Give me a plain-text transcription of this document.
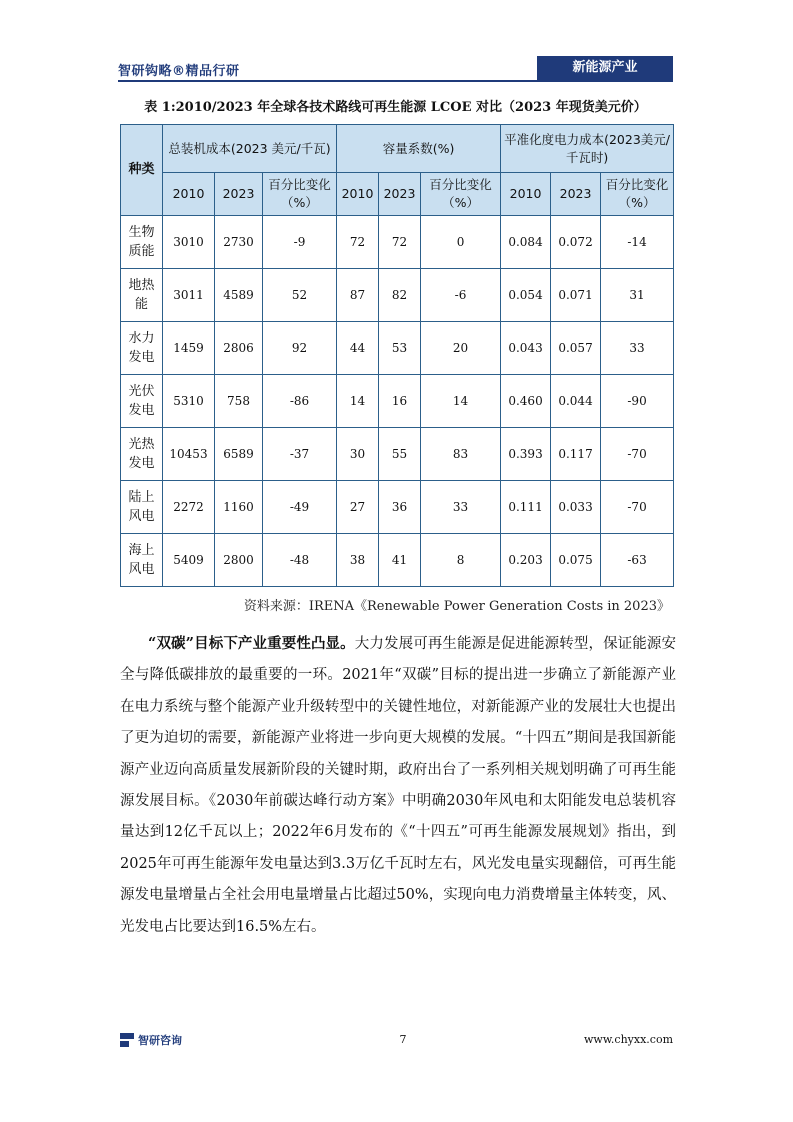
智研钩略®精品行研	新能源产业
表 1:2010/2023 年全球各技术路线可再生能源 LCOE 对比（2023 年现货美元价）
种类	总装机成本(2023 美元/千瓦)			容量系数(%)			平准化度电力成本(2023美元/千瓦时)		
	2010	2023	百分比变化（%）	2010	2023	百分比变化（%）	2010	2023	百分比变化（%）
生物质能	3010	2730	-9	72	72	0	0.084	0.072	-14
地热能	3011	4589	52	87	82	-6	0.054	0.071	31
水力发电	1459	2806	92	44	53	20	0.043	0.057	33
光伏发电	5310	758	-86	14	16	14	0.460	0.044	-90
光热发电	10453	6589	-37	30	55	83	0.393	0.117	-70
陆上风电	2272	1160	-49	27	36	33	0.111	0.033	-70
海上风电	5409	2800	-48	38	41	8	0.203	0.075	-63
资料来源：IRENA《Renewable Power Generation Costs in 2023》
“双碳”目标下产业重要性凸显。大力发展可再生能源是促进能源转型，保证能源安全与降低碳排放的最重要的一环。2021年“双碳”目标的提出进一步确立了新能源产业在电力系统与整个能源产业升级转型中的关键性地位，对新能源产业的发展壮大也提出了更为迫切的需要，新能源产业将进一步向更大规模的发展。“十四五”期间是我国新能源产业迈向高质量发展新阶段的关键时期，政府出台了一系列相关规划明确了可再生能源发展目标。《2030年前碳达峰行动方案》中明确2030年风电和太阳能发电总装机容量达到12亿千瓦以上；2022年6月发布的《“十四五”可再生能源发展规划》指出，到2025年可再生能源年发电量达到3.3万亿千瓦时左右，风光发电量实现翻倍，可再生能源发电量增量占全社会用电量增量占比超过50%，实现向电力消费增量主体转变，风、光发电占比要达到16.5%左右。
智研咨询	7	www.chyxx.com
